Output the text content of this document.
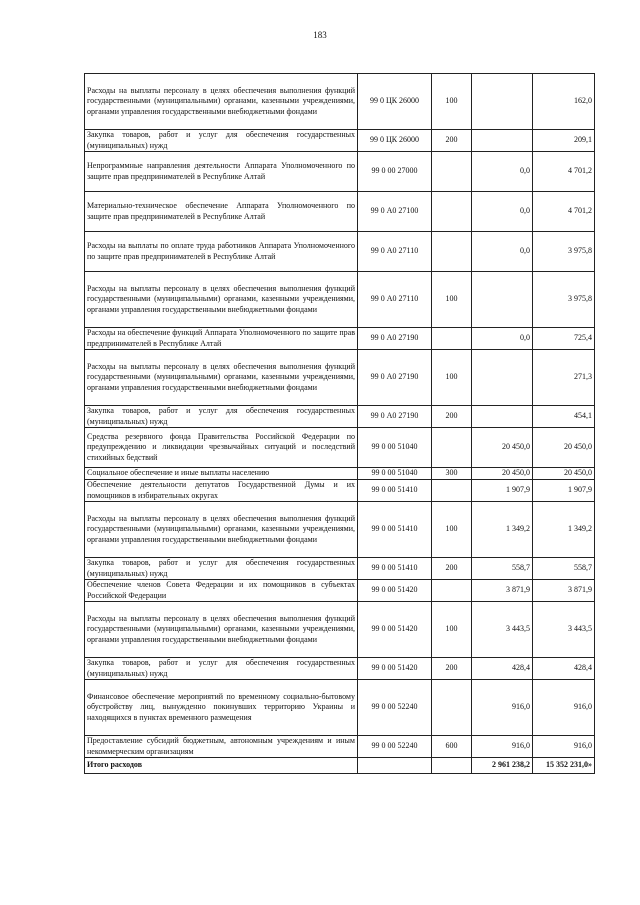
183
Расходы на выплаты персоналу в целях обеспечения выполнения функций государственными (муниципальными) органами, казенными учреждениями, органами управления государственными внебюджетными фондами	99 0 ЦК 26000	100		162,0
Закупка товаров, работ и услуг для обеспечения государственных (муниципальных) нужд	99 0 ЦК 26000	200		209,1
Непрограммные направления деятельности Аппарата Уполномоченного по защите прав предпринимателей в Республике Алтай	99 0 00 27000		0,0	4 701,2
Материально-техническое обеспечение Аппарата Уполномоченного по защите прав предпринимателей в Республике Алтай	99 0 А0 27100		0,0	4 701,2
Расходы на выплаты по оплате труда работников Аппарата Уполномоченного по защите прав предпринимателей в Республике Алтай	99 0 А0 27110		0,0	3 975,8
Расходы на выплаты персоналу в целях обеспечения выполнения функций государственными (муниципальными) органами, казенными учреждениями, органами управления государственными внебюджетными фондами	99 0 А0 27110	100		3 975,8
Расходы на обеспечение функций Аппарата Уполномоченного по защите прав предпринимателей в Республике Алтай	99 0 А0 27190		0,0	725,4
Расходы на выплаты персоналу в целях обеспечения выполнения функций государственными (муниципальными) органами, казенными учреждениями, органами управления государственными внебюджетными фондами	99 0 А0 27190	100		271,3
Закупка товаров, работ и услуг для обеспечения государственных (муниципальных) нужд	99 0 А0 27190	200		454,1
Средства резервного фонда Правительства Российской Федерации по предупреждению и ликвидации чрезвычайных ситуаций и последствий стихийных бедствий	99 0 00 51040		20 450,0	20 450,0
Социальное обеспечение и иные выплаты населению	99 0 00 51040	300	20 450,0	20 450,0
Обеспечение деятельности депутатов Государственной Думы и их помощников в избирательных округах	99 0 00 51410		1 907,9	1 907,9
Расходы на выплаты персоналу в целях обеспечения выполнения функций государственными (муниципальными) органами, казенными учреждениями, органами управления государственными внебюджетными фондами	99 0 00 51410	100	1 349,2	1 349,2
Закупка товаров, работ и услуг для обеспечения государственных (муниципальных) нужд	99 0 00 51410	200	558,7	558,7
Обеспечение членов Совета Федерации и их помощников в субъектах Российской Федерации	99 0 00 51420		3 871,9	3 871,9
Расходы на выплаты персоналу в целях обеспечения выполнения функций государственными (муниципальными) органами, казенными учреждениями, органами управления государственными внебюджетными фондами	99 0 00 51420	100	3 443,5	3 443,5
Закупка товаров, работ и услуг для обеспечения государственных (муниципальных) нужд	99 0 00 51420	200	428,4	428,4
Финансовое обеспечение мероприятий по временному социально-бытовому обустройству лиц, вынужденно покинувших территорию Украины и находящихся в пунктах временного размещения	99 0 00 52240		916,0	916,0
Предоставление субсидий бюджетным, автономным учреждениям и иным некоммерческим организациям	99 0 00 52240	600	916,0	916,0
Итого расходов			2 961 238,2	15 352 231,0»
